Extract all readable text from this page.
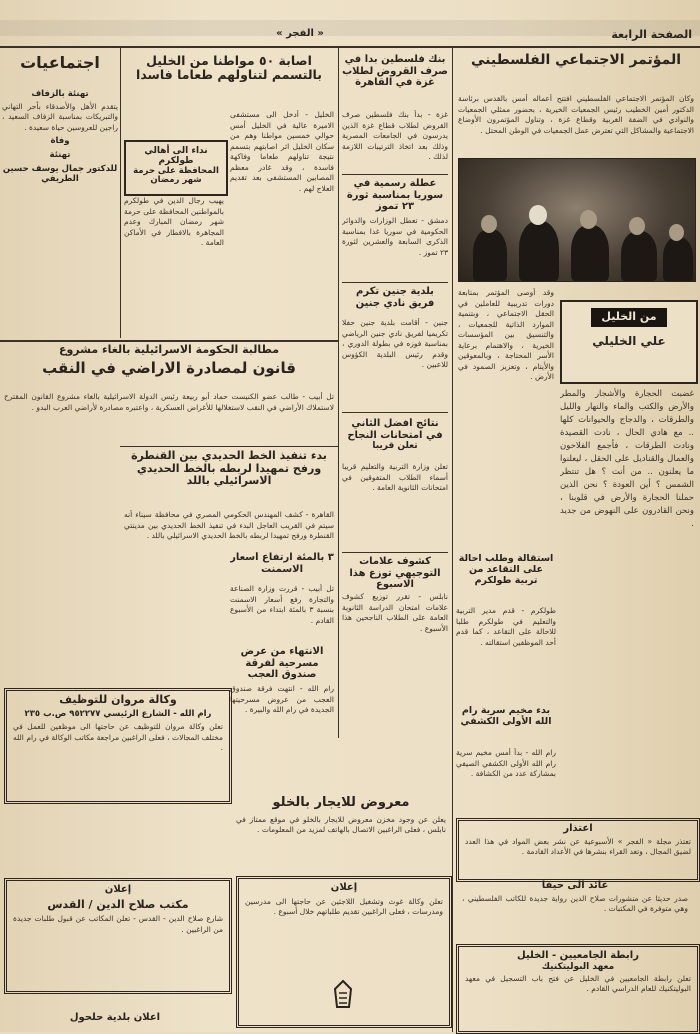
الصفحة الرابعة
« الفجر »
المؤتمر الاجتماعي الفلسطيني
وكان المؤتمر الاجتماعي الفلسطيني افتتح أعماله أمس بالقدس برئاسة الدكتور أمين الخطيب رئيس الجمعيات الخيرية ، بحضور ممثلي الجمعيات والنوادي في الضفة الغربية وقطاع غزة ، وتناول المؤتمرون الأوضاع الاجتماعية والمشاكل التي تعترض عمل الجمعيات في الوطن المحتل .
وقد أوصى المؤتمر بمتابعة دورات تدريبية للعاملين في الحقل الاجتماعي ، وبتنمية الموارد الذاتية للجمعيات ، والتنسيق بين المؤسسات الخيرية ، والاهتمام برعاية الأسر المحتاجة ، وبالمعوقين والأيتام ، وتعزيز الصمود في الأرض .
من الخليل
علي الخليلي
غضبت الحجارة والأشجار والمطر والأرض والكتب والماء والنهار والليل والطرقات ، والدجاج والحيوانات كلها .. مع هادي الحال ، نادت القصيدة ونادت الطرقات ، فأجمع الفلاحون والعمال والقناديل على الحقل ، ليعلنوا ما يعلنون .. من أنت ؟ هل تنتظر الشمس ؟ أين العودة ؟ نحن الذين حملنا الحجارة والأرض في قلوبنا ، ونحن القادرون على النهوض من جديد .
بنك فلسطين بدأ في صرف القروض لطلاب غزة في القاهرة
غزة - بدأ بنك فلسطين صرف القروض لطلاب قطاع غزة الذين يدرسون في الجامعات المصرية وذلك بعد اتخاذ الترتيبات اللازمة لذلك .
عطلة رسمية في سوريا بمناسبة ثورة ٢٣ تموز
دمشق - تعطل الوزارات والدوائر الحكومية في سوريا غدا بمناسبة الذكرى السابعة والعشرين لثورة ٢٣ تموز .
بلدية جنين تكرم فريق نادي جنين
جنين - أقامت بلدية جنين حفلا تكريميا لفريق نادي جنين الرياضي بمناسبة فوزه في بطولة الدوري ، وقدم رئيس البلدية الكؤوس للاعبين .
نتائج أفضل الثاني في امتحانات النجاح
تعلن قريبا
تعلن وزارة التربية والتعليم قريبا أسماء الطلاب المتفوقين في امتحانات الثانوية العامة .
كشوف علامات التوجيهي توزع هذا الاسبوع
نابلس - تقرر توزيع كشوف علامات امتحان الدراسة الثانوية العامة على الطلاب الناجحين هذا الأسبوع .
استقالة وطلب احالة على التقاعد من تربية طولكرم
طولكرم - قدم مدير التربية والتعليم في طولكرم طلبا للاحالة على التقاعد ، كما قدم أحد الموظفين استقالته .
بدء مخيم سرية رام الله الأولى الكشفي
رام الله - بدأ أمس مخيم سرية رام الله الأولى الكشفي الصيفي بمشاركة عدد من الكشافة .
اصابة ٥٠ مواطنا من الخليل بالتسمم لتناولهم طعاما فاسدا
الخليل - أدخل الى مستشفى الاميرة عالية في الخليل أمس حوالي خمسين مواطنا وهم من سكان الخليل اثر اصابتهم بتسمم نتيجة تناولهم طعاما وفاكهة فاسدة ، وقد غادر معظم المصابين المستشفى بعد تقديم العلاج لهم .
نداء الى أهالي طولكرم
المحافظة على حرمة شهر رمضان
يهيب رجال الدين في طولكرم بالمواطنين المحافظة على حرمة شهر رمضان المبارك وعدم المجاهرة بالافطار في الأماكن العامة .
اجتماعيات
تهنئة بالزفاف
يتقدم الأهل والأصدقاء بأحر التهاني والتبريكات بمناسبة الزفاف السعيد ، راجين للعروسين حياة سعيدة .
وفاة
تهنئة
للدكتور جمال يوسف حسين الطريفي
مطالبة الحكومة الاسرائيلية بالغاء مشروع
قانون لمصادرة الاراضي في النقب
تل أبيب - طالب عضو الكنيست حماد أبو ربيعة رئيس الدولة الاسرائيلية بالغاء مشروع القانون المقترح لاستملاك الأراضي في النقب لاستغلالها للأغراض العسكرية ، واعتبره مصادرة لأراضي العرب البدو .
بدء تنفيذ الخط الحديدي بين القنطرة ورفح تمهيدا لربطه بالخط الحديدي الاسرائيلي باللد
القاهرة - كشف المهندس الحكومي المصري في محافظة سيناء أنه سيتم في القريب العاجل البدء في تنفيذ الخط الحديدي بين مدينتي القنطرة ورفح تمهيدا لربطه بالخط الحديدي الاسرائيلي باللد .
٣ بالمئة ارتفاع أسعار الاسمنت
تل أبيب - قررت وزارة الصناعة والتجارة رفع أسعار الاسمنت بنسبة ٣ بالمئة ابتداء من الأسبوع القادم .
الانتهاء من عرض مسرحية لفرقة صندوق العجب
رام الله - انتهت فرقة صندوق العجب من عروض مسرحيتها الجديدة في رام الله والبيرة .
وكالة مروان للتوظيف
رام الله - الشارع الرئيسي ٩٥٢٢٧٧ ص.ب ٢٣٥
تعلن وكالة مروان للتوظيف عن حاجتها الى موظفين للعمل في مختلف المجالات ، فعلى الراغبين مراجعة مكاتب الوكالة في رام الله .
إعلان
مكتب صلاح الدين / القدس
شارع صلاح الدين - القدس - تعلن المكاتب عن قبول طلبات جديدة من الراغبين .
اعلان بلدية حلحول
معروض للايجار بالخلو
يعلن عن وجود مخزن معروض للايجار بالخلو في موقع ممتاز في نابلس ، فعلى الراغبين الاتصال بالهاتف لمزيد من المعلومات .
إعلان
تعلن وكالة غوث وتشغيل اللاجئين عن حاجتها الى مدرسين ومدرسات ، فعلى الراغبين تقديم طلباتهم خلال أسبوع .
اعتذار
تعتذر مجلة « الفجر » الأسبوعية عن نشر بعض المواد في هذا العدد لضيق المجال ، وتعد القراء بنشرها في الأعداد القادمة .
عائد الى حيفا
صدر حديثا عن منشورات صلاح الدين رواية جديدة للكاتب الفلسطيني ، وهي متوفرة في المكتبات .
رابطة الجامعيين - الخليل
معهد البوليتكنيك
تعلن رابطة الجامعيين في الخليل عن فتح باب التسجيل في معهد البوليتكنيك للعام الدراسي القادم .
